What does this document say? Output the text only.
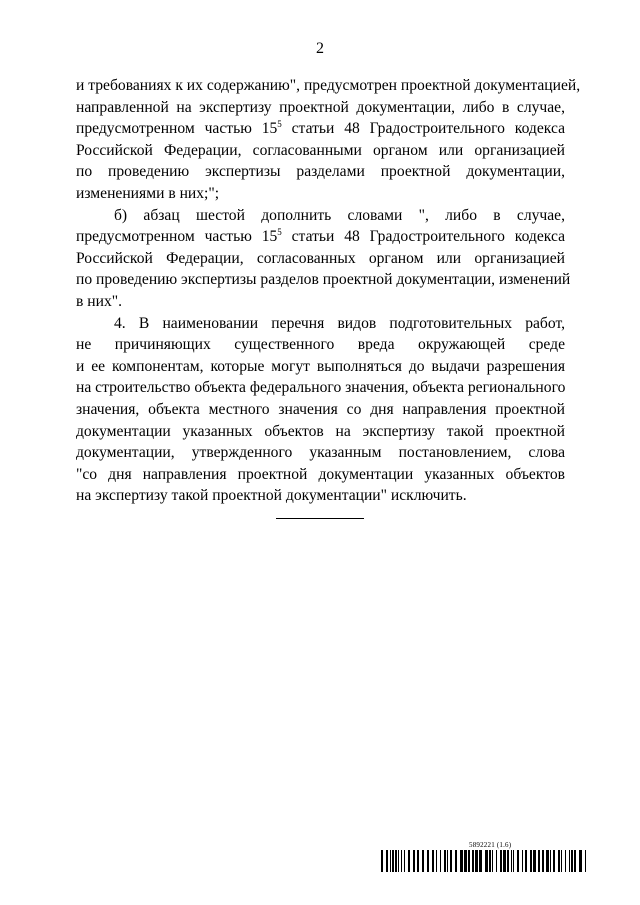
2

и требованиях к их содержанию", предусмотрен проектной документацией,
направленной на экспертизу проектной документации, либо в случае,
предусмотренном частью $15^5$ статьи 48 Градостроительного кодекса
Российской Федерации, согласованными органом или организацией
по проведению экспертизы разделами проектной документации,
изменениями в них;";

б) абзац шестой дополнить словами ", либо в случае,
предусмотренном частью $15^5$ статьи 48 Градостроительного кодекса
Российской Федерации, согласованных органом или организацией
по проведению экспертизы разделов проектной документации, изменений
в них".

4. В наименовании перечня видов подготовительных работ,
не причиняющих существенного вреда окружающей среде
и ее компонентам, которые могут выполняться до выдачи разрешения
на строительство объекта федерального значения, объекта регионального
значения, объекта местного значения со дня направления проектной
документации указанных объектов на экспертизу такой проектной
документации, утвержденного указанным постановлением, слова
"со дня направления проектной документации указанных объектов
на экспертизу такой проектной документации" исключить.

5892221 (1.6)
